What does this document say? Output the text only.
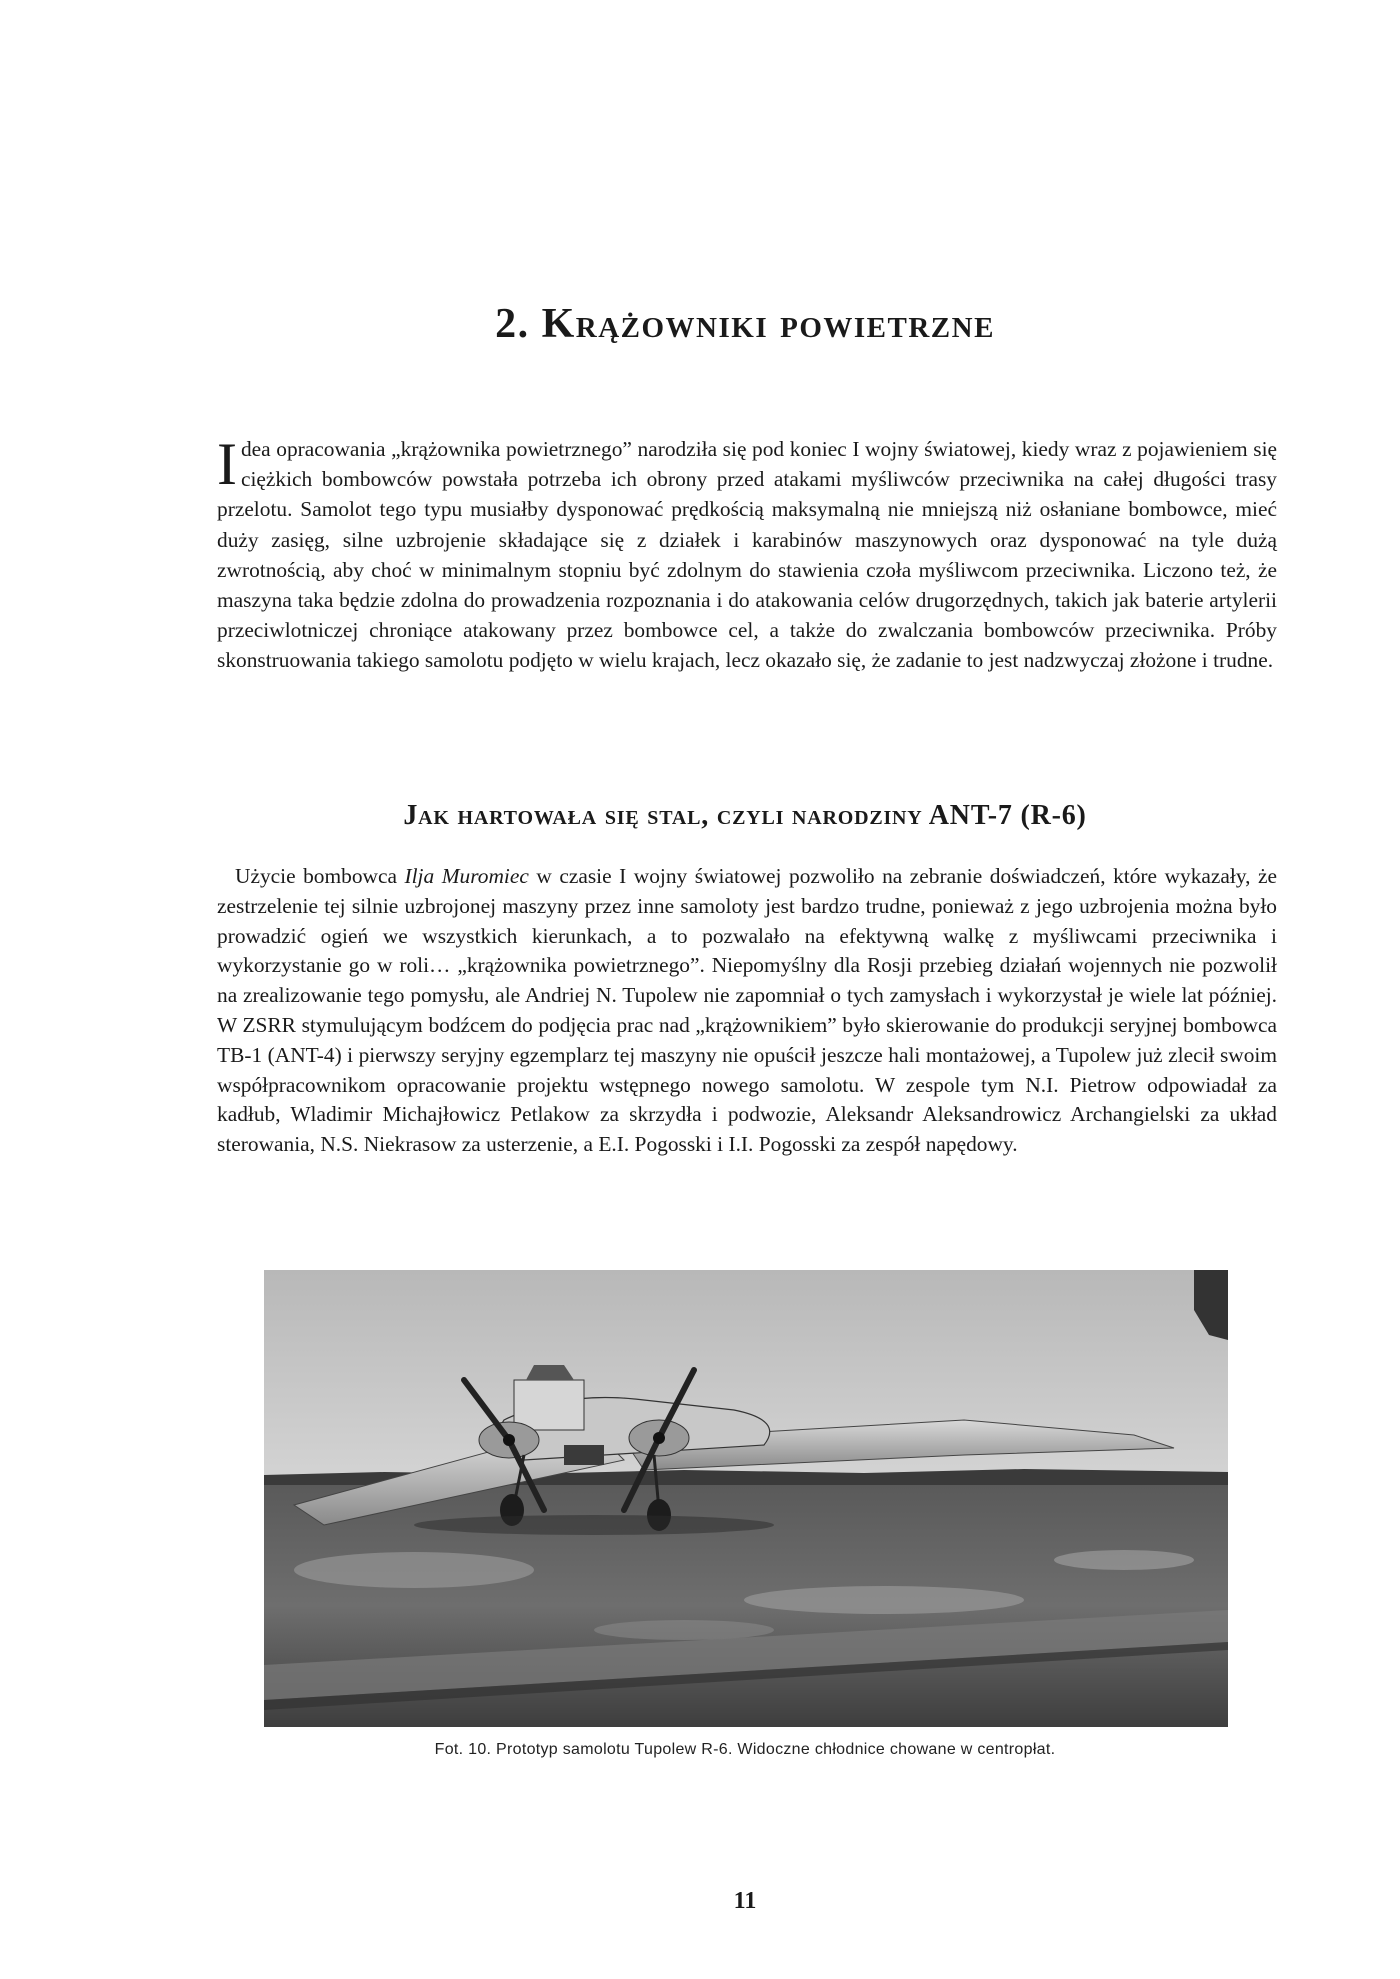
2. Krążowniki powietrzne

Idea opracowania „krążownika powietrznego” narodziła się pod koniec I wojny światowej, kiedy wraz z pojawieniem się ciężkich bombowców powstała potrzeba ich obrony przed atakami myśliwców przeciwnika na całej długości trasy przelotu. Samolot tego typu musiałby dysponować prędkością maksymalną nie mniejszą niż osłaniane bombowce, mieć duży zasięg, silne uzbrojenie składające się z działek i karabinów maszynowych oraz dysponować na tyle dużą zwrotnością, aby choć w minimalnym stopniu być zdolnym do stawienia czoła myśliwcom przeciwnika. Liczono też, że maszyna taka będzie zdolna do prowadzenia rozpoznania i do atakowania celów drugorzędnych, takich jak baterie artylerii przeciwlotniczej chroniące atakowany przez bombowce cel, a także do zwalczania bombowców przeciwnika. Próby skonstruowania takiego samolotu podjęto w wielu krajach, lecz okazało się, że zadanie to jest nadzwyczaj złożone i trudne.

Jak hartowała się stal, czyli narodziny ANT-7 (R-6)

Użycie bombowca Ilja Muromiec w czasie I wojny światowej pozwoliło na zebranie doświadczeń, które wykazały, że zestrzelenie tej silnie uzbrojonej maszyny przez inne samoloty jest bardzo trudne, ponieważ z jego uzbrojenia można było prowadzić ogień we wszystkich kierunkach, a to pozwalało na efektywną walkę z myśliwcami przeciwnika i wykorzystanie go w roli… „krążownika powietrznego”. Niepomyślny dla Rosji przebieg działań wojennych nie pozwolił na zrealizowanie tego pomysłu, ale Andriej N. Tupolew nie zapomniał o tych zamysłach i wykorzystał je wiele lat później. W ZSRR stymulującym bodźcem do podjęcia prac nad „krążownikiem” było skierowanie do produkcji seryjnej bombowca TB-1 (ANT-4) i pierwszy seryjny egzemplarz tej maszyny nie opuścił jeszcze hali montażowej, a Tupolew już zlecił swoim współpracownikom opracowanie projektu wstępnego nowego samolotu. W zespole tym N.I. Pietrow odpowiadał za kadłub, Wladimir Michajłowicz Petlakow za skrzydła i podwozie, Aleksandr Aleksandrowicz Archangielski za układ sterowania, N.S. Niekrasow za usterzenie, a E.I. Pogosski i I.I. Pogosski za zespół napędowy.

Fot. 10. Prototyp samolotu Tupolew R-6. Widoczne chłodnice chowane w centropłat.

11
